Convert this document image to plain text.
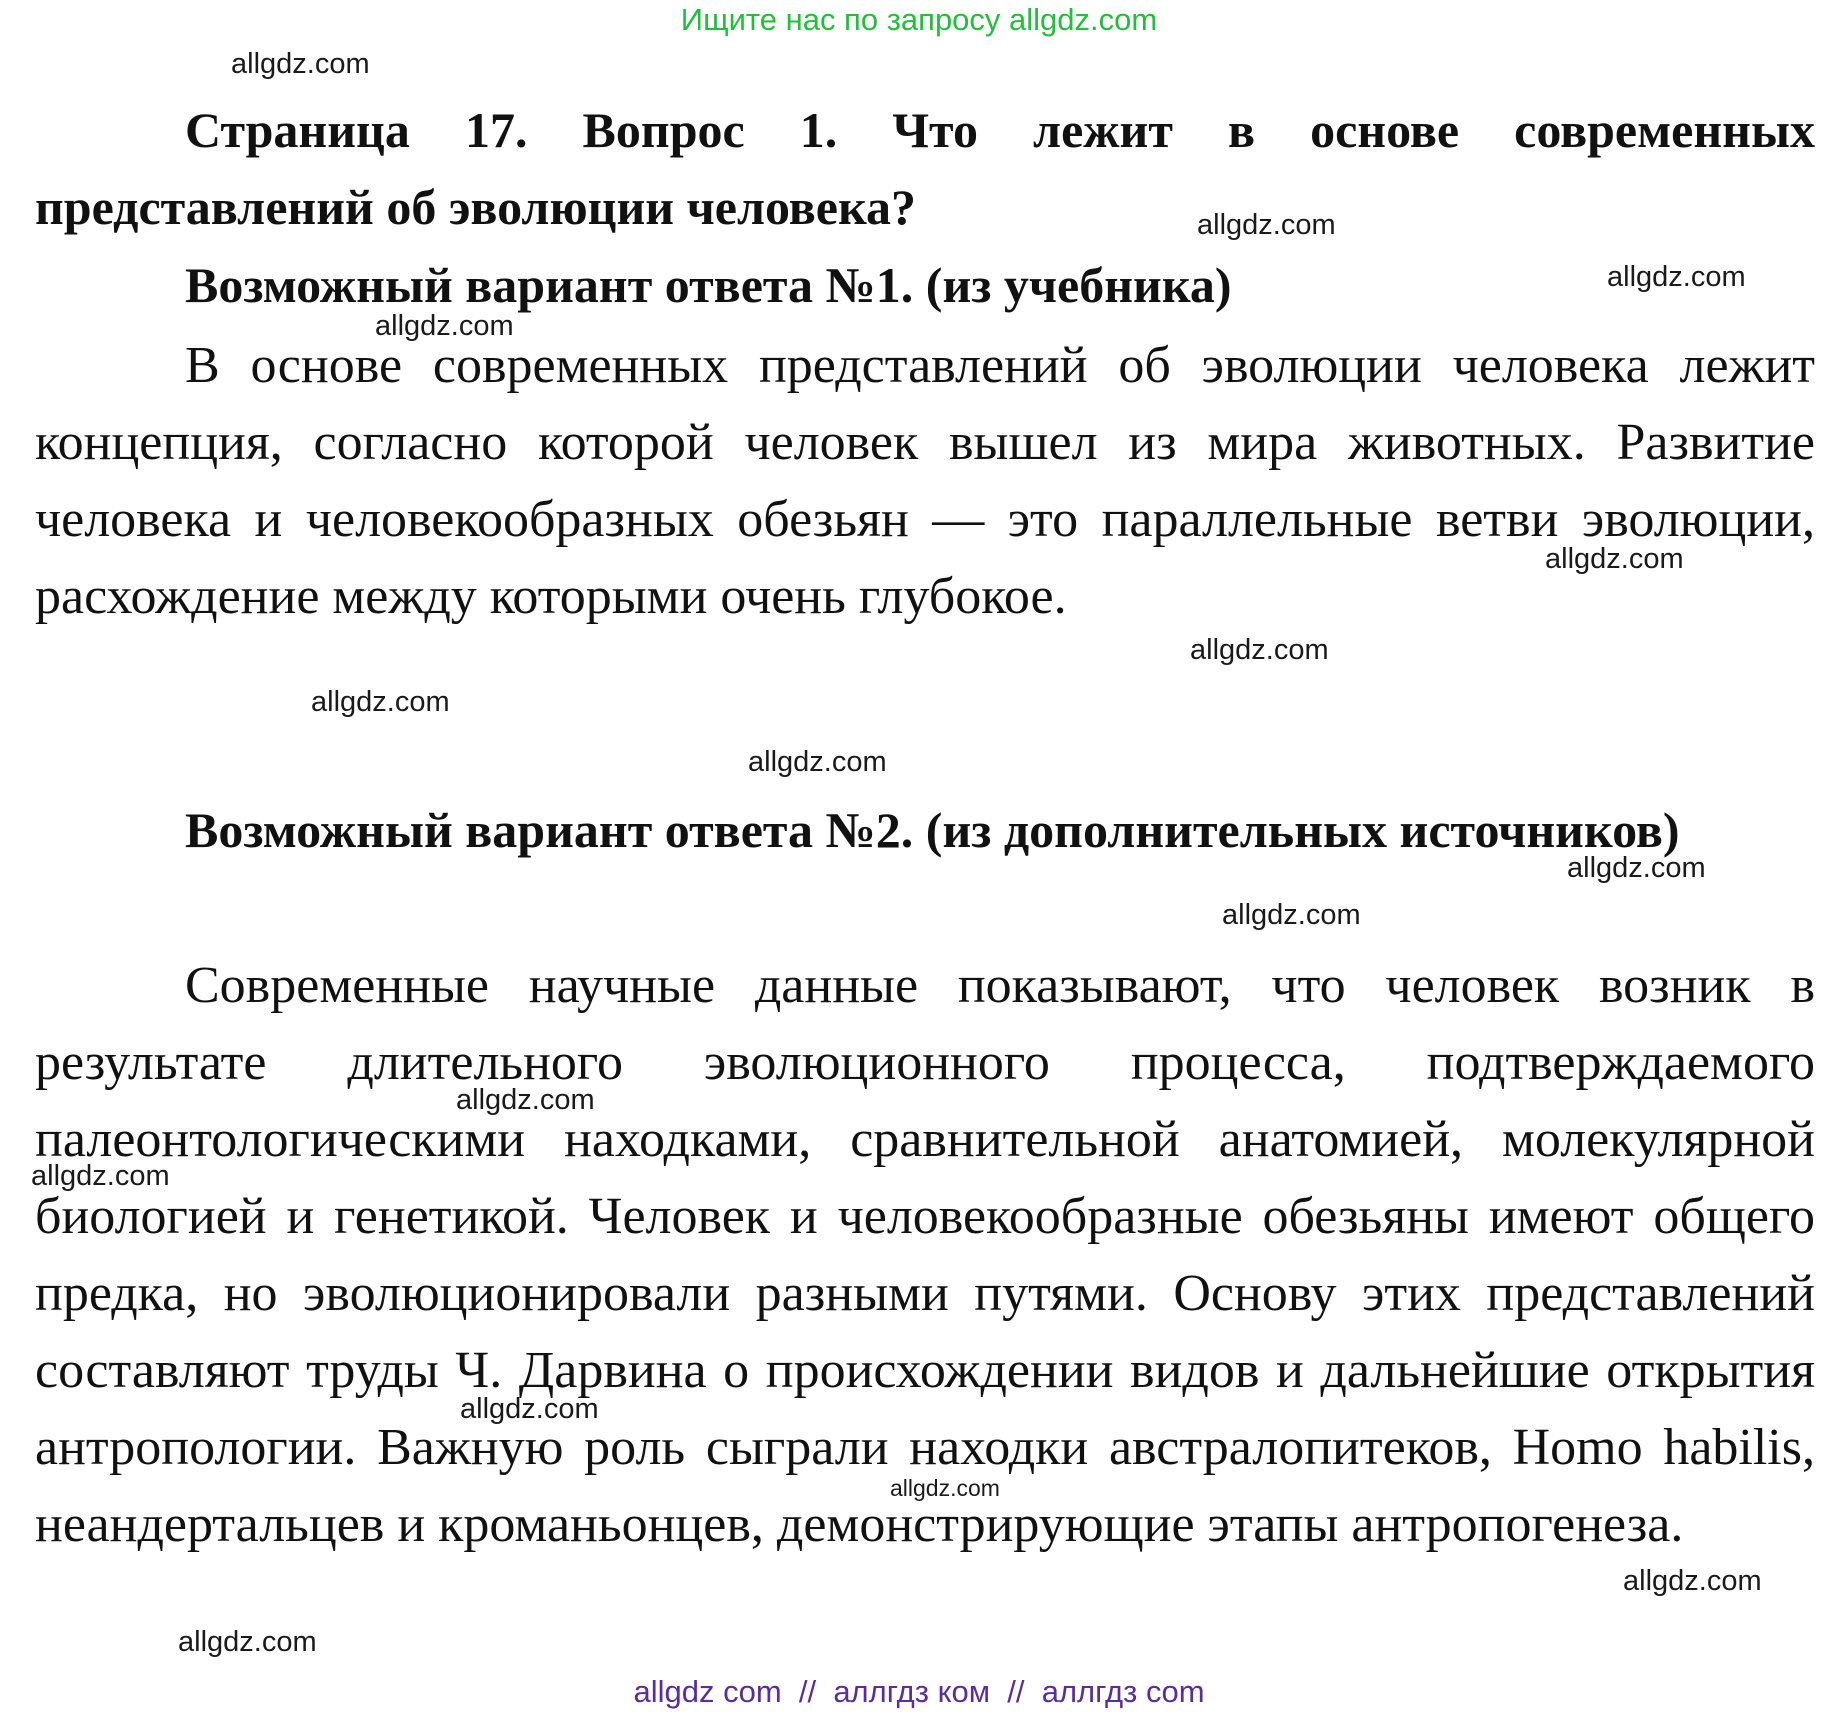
Ищите нас по запросу allgdz.com

Страница 17. Вопрос 1. Что лежит в основе современных представлений об эволюции человека?

Возможный вариант ответа №1. (из учебника)

В основе современных представлений об эволюции человека лежит концепция, согласно которой человек вышел из мира животных. Развитие человека и человекообразных обезьян — это параллельные ветви эволюции, расхождение между которыми очень глубокое.

Возможный вариант ответа №2. (из дополнительных источников)

Современные научные данные показывают, что человек возник в результате длительного эволюционного процесса, подтверждаемого палеонтологическими находками, сравнительной анатомией, молекулярной биологией и генетикой. Человек и человекообразные обезьяны имеют общего предка, но эволюционировали разными путями. Основу этих представлений составляют труды Ч. Дарвина о происхождении видов и дальнейшие открытия антропологии. Важную роль сыграли находки австралопитеков, Homo habilis, неандертальцев и кроманьонцев, демонстрирующие этапы антропогенеза.

allgdz.com
allgdz.com
allgdz.com
allgdz.com
allgdz.com
allgdz.com
allgdz.com
allgdz.com
allgdz.com
allgdz.com
allgdz.com
allgdz.com
allgdz.com
allgdz.com
allgdz.com
allgdz.com
allgdz com  //  аллгдз ком  //  аллгдз com
